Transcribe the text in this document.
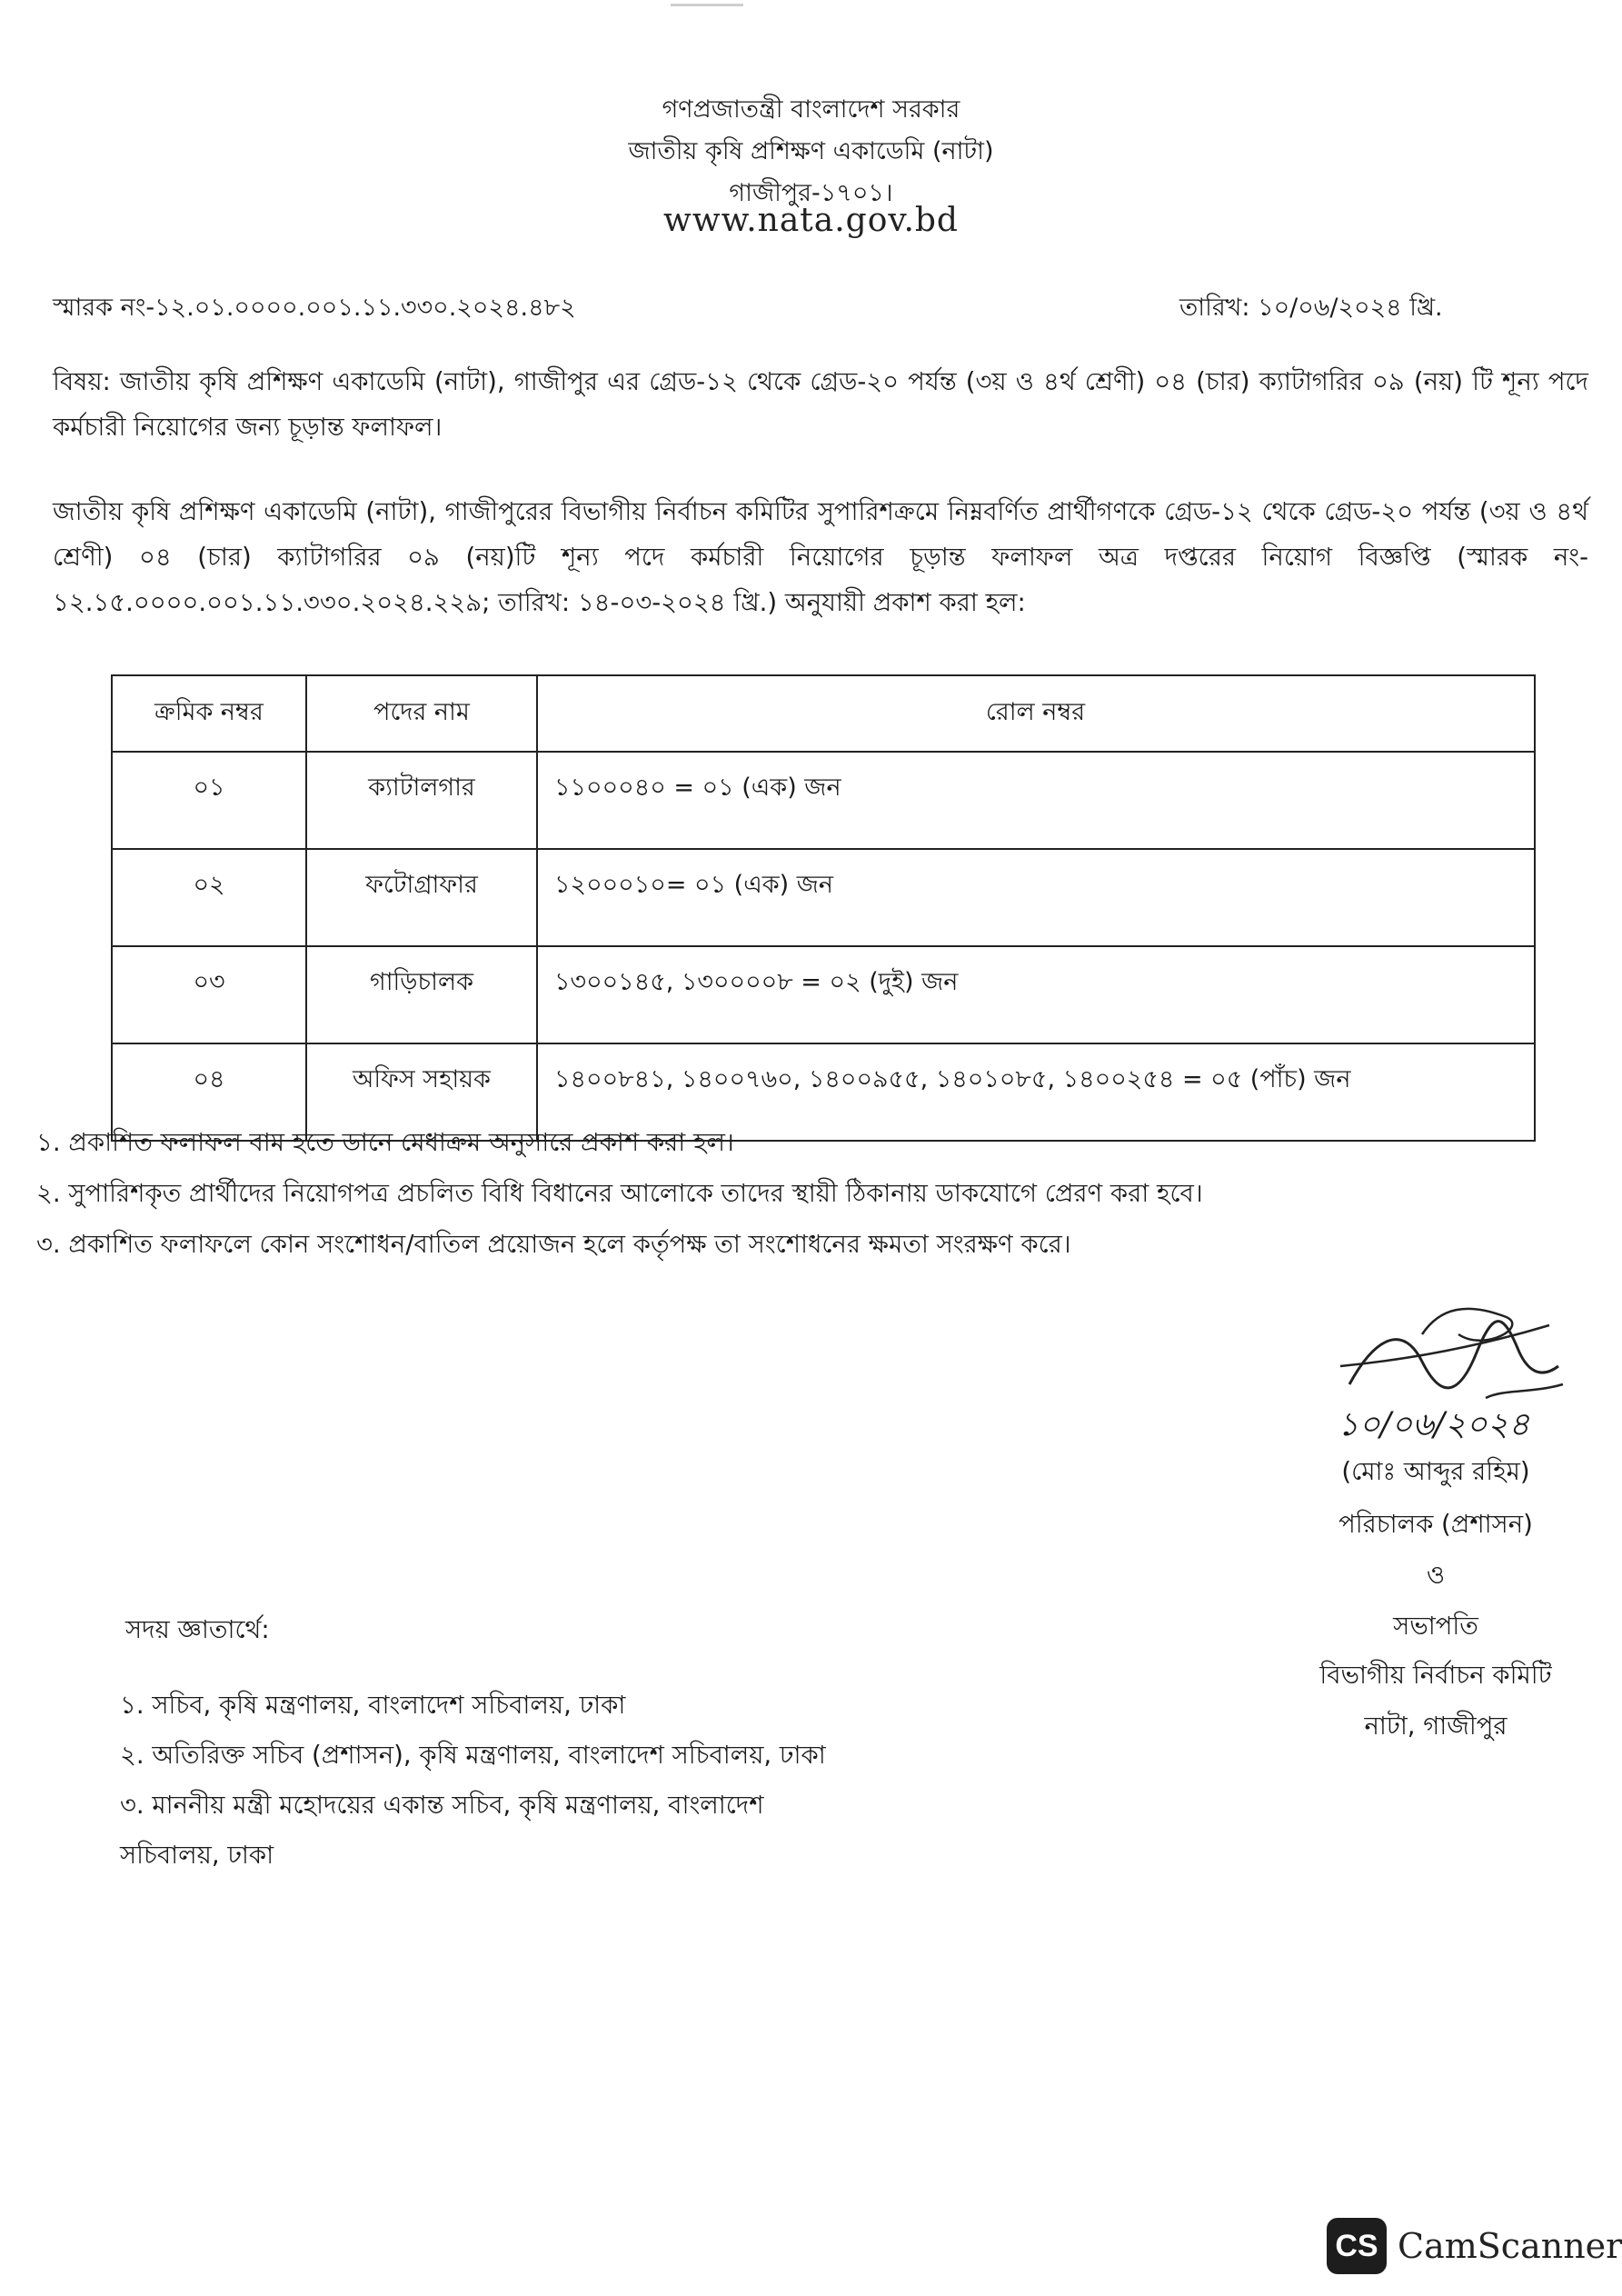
গণপ্রজাতন্ত্রী বাংলাদেশ সরকার
জাতীয় কৃষি প্রশিক্ষণ একাডেমি (নাটা)
গাজীপুর-১৭০১।
www.nata.gov.bd
স্মারক নং-১২.০১.০০০০.০০১.১১.৩৩০.২০২৪.৪৮২	তারিখ: ১০/০৬/২০২৪ খ্রি.
বিষয়: জাতীয় কৃষি প্রশিক্ষণ একাডেমি (নাটা), গাজীপুর এর গ্রেড-১২ থেকে গ্রেড-২০ পর্যন্ত (৩য় ও ৪র্থ শ্রেণী) ০৪ (চার) ক্যাটাগরির ০৯ (নয়) টি শূন্য পদে কর্মচারী নিয়োগের জন্য চূড়ান্ত ফলাফল।
জাতীয় কৃষি প্রশিক্ষণ একাডেমি (নাটা), গাজীপুরের বিভাগীয় নির্বাচন কমিটির সুপারিশক্রমে নিম্নবর্ণিত প্রার্থীগণকে গ্রেড-১২ থেকে গ্রেড-২০ পর্যন্ত (৩য় ও ৪র্থ শ্রেণী) ০৪ (চার) ক্যাটাগরির ০৯ (নয়)টি শূন্য পদে কর্মচারী নিয়োগের চূড়ান্ত ফলাফল অত্র দপ্তরের নিয়োগ বিজ্ঞপ্তি (স্মারক নং- ১২.১৫.০০০০.০০১.১১.৩৩০.২০২৪.২২৯; তারিখ: ১৪-০৩-২০২৪ খ্রি.) অনুযায়ী প্রকাশ করা হল:
ক্রমিক নম্বর	পদের নাম	রোল নম্বর
০১	ক্যাটালগার	১১০০০৪০ = ০১ (এক) জন
০২	ফটোগ্রাফার	১২০০০১০= ০১ (এক) জন
০৩	গাড়িচালক	১৩০০১৪৫, ১৩০০০০৮ = ০২ (দুই) জন
০৪	অফিস সহায়ক	১৪০০৮৪১, ১৪০০৭৬০, ১৪০০৯৫৫, ১৪০১০৮৫, ১৪০০২৫৪ = ০৫ (পাঁচ) জন
১. প্রকাশিত ফলাফল বাম হতে ডানে মেধাক্রম অনুসারে প্রকাশ করা হল।
২. সুপারিশকৃত প্রার্থীদের নিয়োগপত্র প্রচলিত বিধি বিধানের আলোকে তাদের স্থায়ী ঠিকানায় ডাকযোগে প্রেরণ করা হবে।
৩. প্রকাশিত ফলাফলে কোন সংশোধন/বাতিল প্রয়োজন হলে কর্তৃপক্ষ তা সংশোধনের ক্ষমতা সংরক্ষণ করে।
১০/০৬/২০২৪
(মোঃ আব্দুর রহিম)
পরিচালক (প্রশাসন)
ও
সভাপতি
বিভাগীয় নির্বাচন কমিটি
নাটা, গাজীপুর
সদয় জ্ঞাতার্থে:
১. সচিব, কৃষি মন্ত্রণালয়, বাংলাদেশ সচিবালয়, ঢাকা
২. অতিরিক্ত সচিব (প্রশাসন), কৃষি মন্ত্রণালয়, বাংলাদেশ সচিবালয়, ঢাকা
৩. মাননীয় মন্ত্রী মহোদয়ের একান্ত সচিব, কৃষি মন্ত্রণালয়, বাংলাদেশ
সচিবালয়, ঢাকা
CS CamScanner
